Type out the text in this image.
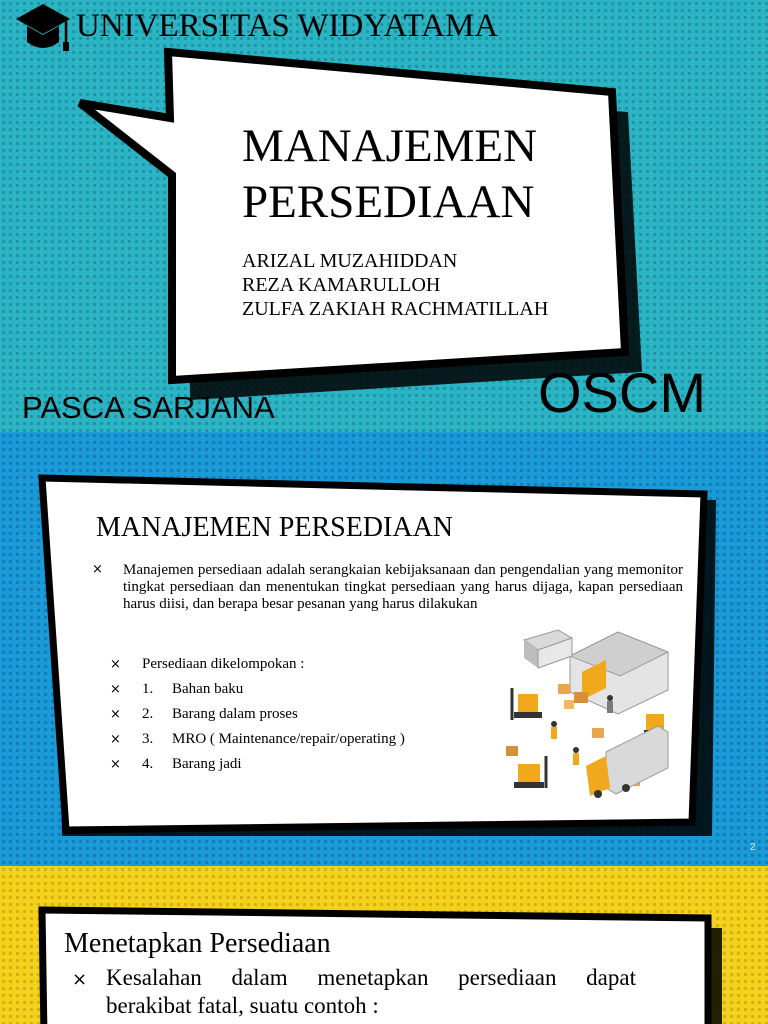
UNIVERSITAS WIDYATAMA
MANAJEMEN
PERSEDIAAN
ARIZAL MUZAHIDDAN
REZA KAMARULLOH
ZULFA ZAKIAH RACHMATILLAH
PASCA SARJANA	OSCM
MANAJEMEN PERSEDIAAN
× Manajemen persediaan adalah serangkaian kebijaksanaan dan pengendalian yang memonitor tingkat persediaan dan menentukan tingkat persediaan yang harus dijaga, kapan persediaan harus diisi, dan berapa besar pesanan yang harus dilakukan
× Persediaan dikelompokan :
× 1. Bahan baku
× 2. Barang dalam proses
× 3. MRO ( Maintenance/repair/operating )
× 4. Barang jadi
2
Menetapkan Persediaan
× Kesalahan dalam menetapkan persediaan dapat
berakibat fatal, suatu contoh :
